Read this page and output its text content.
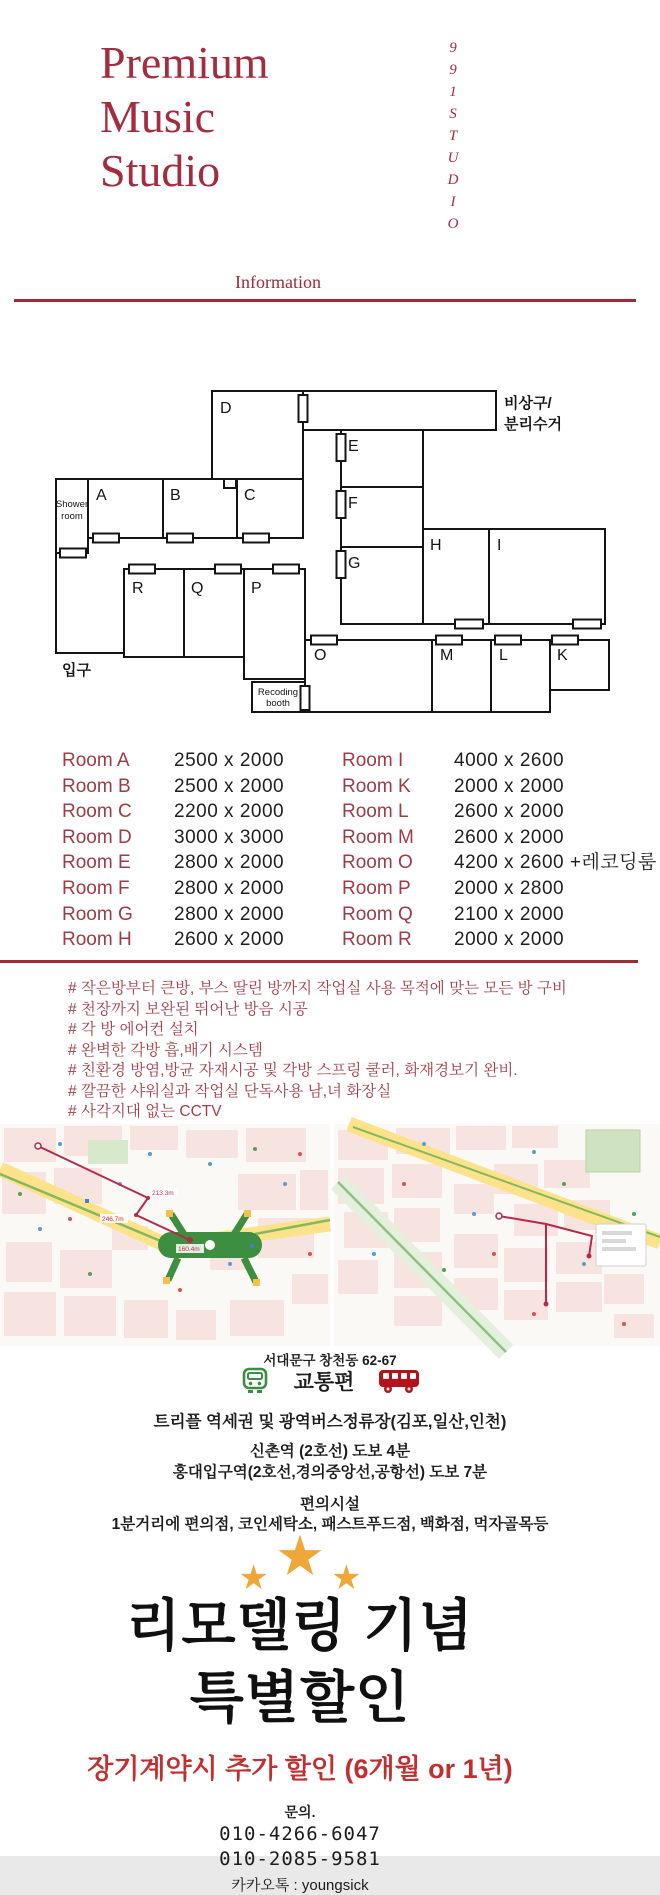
Premium
Music
Studio	991STUDIO
Information
D
E
F
G
H	I
A	B	C
R	Q	P
O	M	L	K
Shower
room
Recoding
booth
입구
비상구/
분리수거
Room A 2500 x 2000
Room B 2500 x 2000
Room C 2200 x 2000
Room D 3000 x 3000
Room E 2800 x 2000
Room F 2800 x 2000
Room G 2800 x 2000
Room H 2600 x 2000
Room I	4000 x 2600
Room K 2000 x 2000
Room L 2600 x 2000
Room M 2600 x 2000
Room O 4200 x 2600 +레코딩룸
Room P 2000 x 2800
Room Q 2100 x 2000
Room R 2000 x 2000
# 작은방부터 큰방, 부스 딸린 방까지 작업실 사용 목적에 맞는 모든 방 구비
# 천장까지 보완된 뛰어난 방음 시공
# 각 방 에어컨 설치
# 완벽한 각방 흡,배기 시스템
# 친환경 방염,방균 자재시공 및 각방 스프링 쿨러, 화재경보기 완비.
# 깔끔한 샤워실과 작업실 단독사용 남,녀 화장실
# 사각지대 없는 CCTV
213.3m
246.7m
160.4m
서대문구 창천동 62-67
교통편
트리플 역세권 및 광역버스정류장(김포,일산,인천)
신촌역 (2호선) 도보 4분
홍대입구역(2호선,경의중앙선,공항선) 도보 7분
편의시설
1분거리에 편의점, 코인세탁소, 패스트푸드점, 백화점, 먹자골목등
★ ★ ★
리모델링 기념
특별할인
장기계약시 추가 할인 (6개월 or 1년)
문의.
010-4266-6047
010-2085-9581
카카오톡 : youngsick
